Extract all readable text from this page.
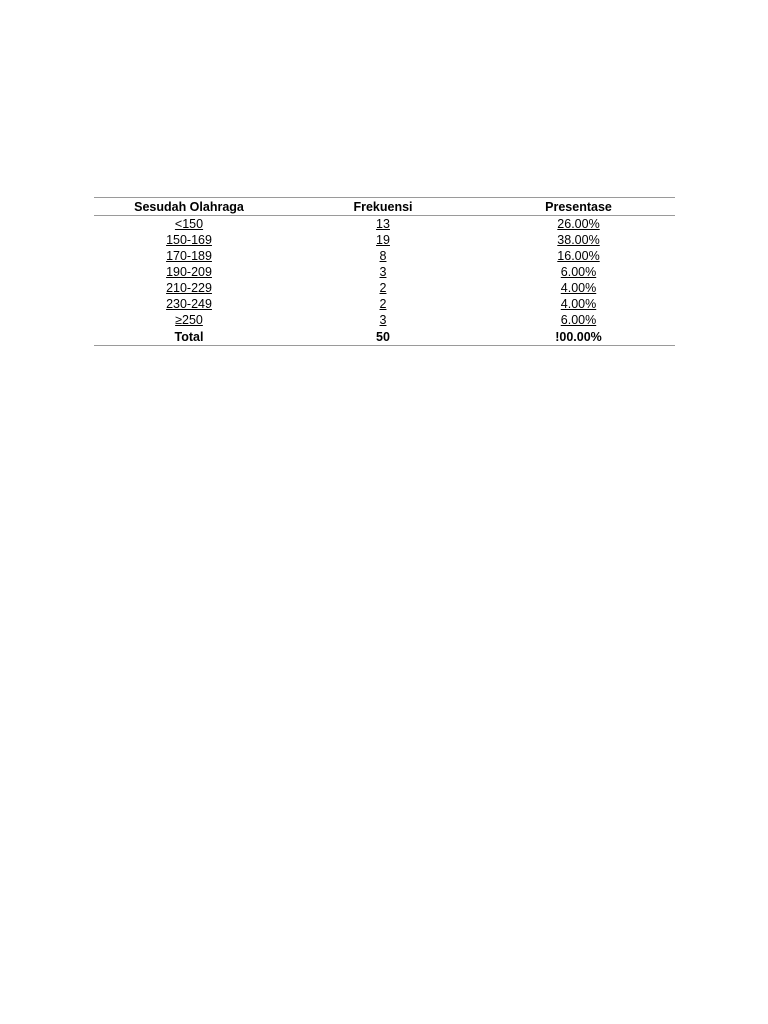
Sesudah Olahraga	Frekuensi	Presentase
<150	13	26.00%
150-169	19	38.00%
170-189	8	16.00%
190-209	3	6.00%
210-229	2	4.00%
230-249	2	4.00%
≥250	3	6.00%
Total	50	!00.00%
